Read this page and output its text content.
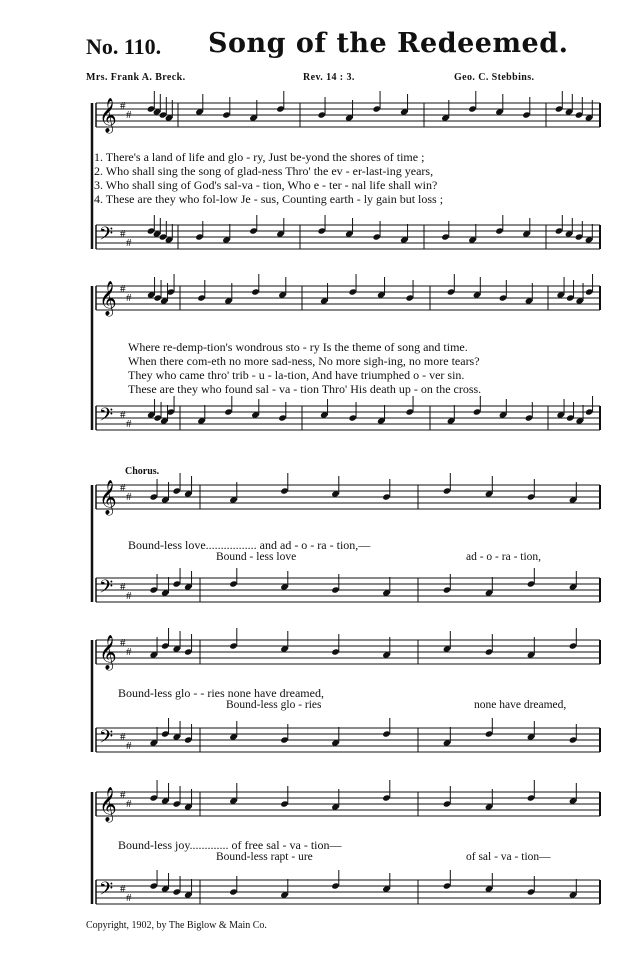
No. 110. Song of the Redeemed.
Mrs. Frank A. Breck.	Rev. 14 : 3.	Geo. C. Stebbins.
𝄞 #
#
𝄢 #
#
𝄞 #
#
𝄢 #
#
𝄞 #
#
𝄢 #
#
𝄞 #
#
𝄢 #
#
𝄞 #
#
𝄢 #
#
1. There's a land of life and glo - ry, Just be-yond the shores of time ;
2. Who shall sing the song of glad-ness Thro' the ev - er-last-ing years,
3. Who shall sing of God's sal-va - tion, Who e - ter - nal life shall win?
4. These are they who fol-low Je - sus, Counting earth - ly gain but loss ;
Where re-demp-tion's wondrous sto - ry Is the theme of song and time.
When there com-eth no more sad-ness, No more sigh-ing, no more tears?
They who came thro' trib - u - la-tion, And have triumphed o - ver sin.
These are they who found sal - va - tion Thro' His death up - on the cross.
Chorus.
Bound-less love................. and ad - o - ra - tion,—
Bound - less love	ad - o - ra - tion,
Bound-less glo - - ries none have dreamed,
Bound-less glo - ries	none have dreamed,
Bound-less joy............. of free sal - va - tion—
Bound-less rapt - ure	of sal - va - tion—
Copyright, 1902, by The Biglow & Main Co.
